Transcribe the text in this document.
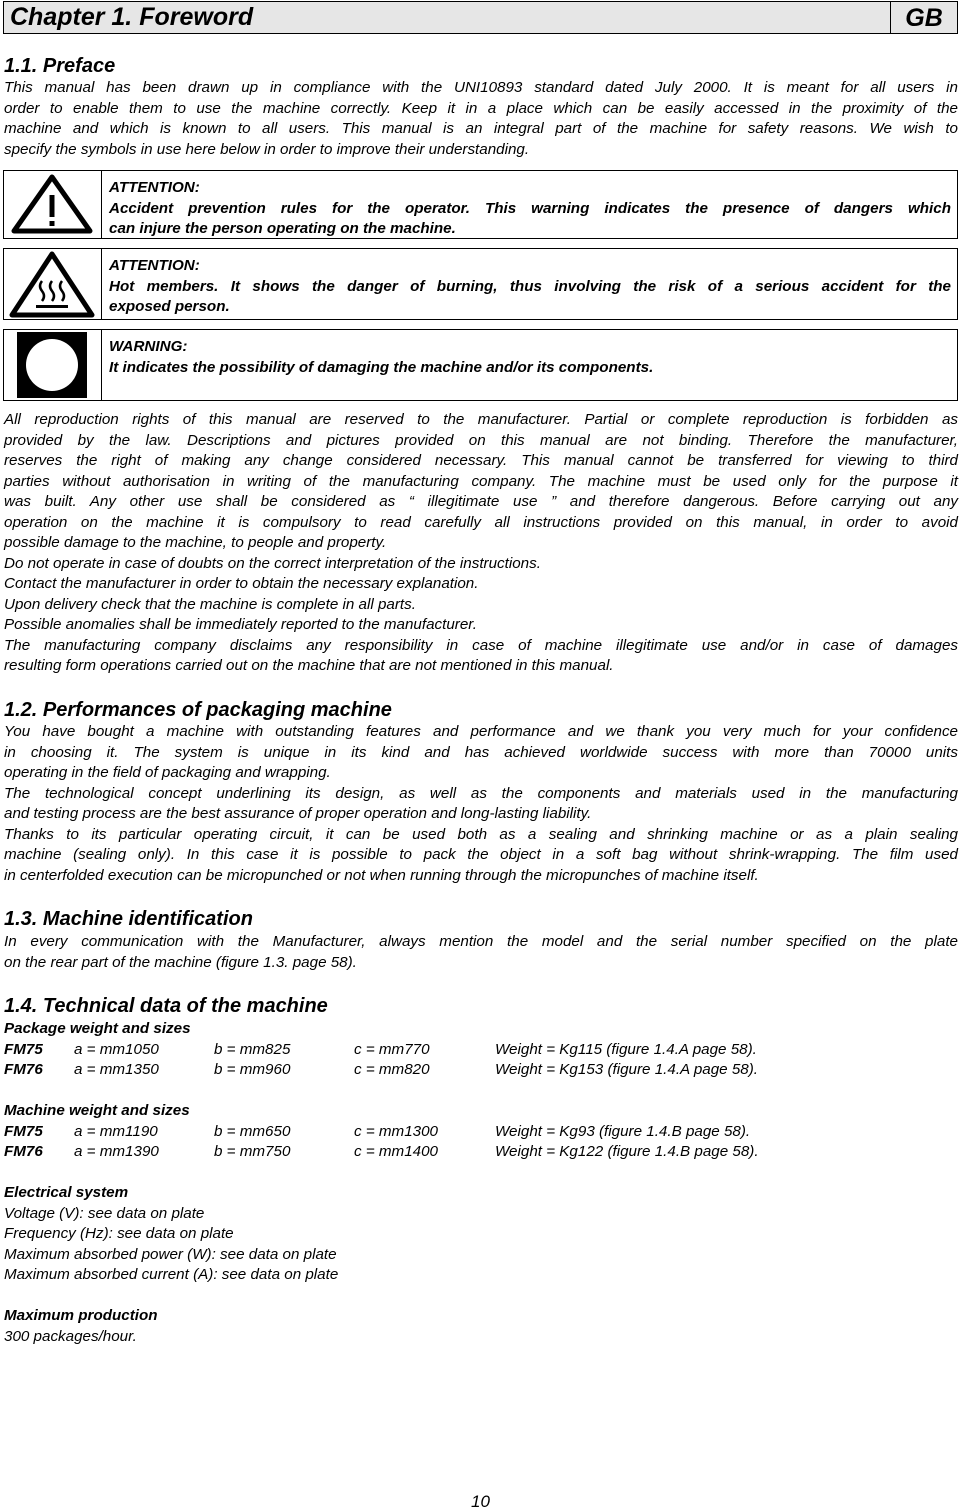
Chapter 1. Foreword	GB
1.1. Preface

This manual has been drawn up in compliance with the UNI10893 standard dated July 2000. It is meant for all users in

order to enable them to use the machine correctly. Keep it in a place which can be easily accessed in the proximity of the

machine and which is known to all users. This manual is an integral part of the machine for safety reasons. We wish to

specify the symbols in use here below in order to improve their understanding.

ATTENTION:
Accident prevention rules for the operator. This warning indicates the presence of dangers which
can injure the person operating on the machine.
ATTENTION:
Hot members. It shows the danger of burning, thus involving the risk of a serious accident for the
exposed person.
WARNING:
It indicates the possibility of damaging the machine and/or its components.

All reproduction rights of this manual are reserved to the manufacturer. Partial or complete reproduction is forbidden as

provided by the law. Descriptions and pictures provided on this manual are not binding. Therefore the manufacturer,

reserves the right of making any change considered necessary. This manual cannot be transferred for viewing to third

parties without authorisation in writing of the manufacturing company. The machine must be used only for the purpose it

was built. Any other use shall be considered as “ illegitimate use ” and therefore dangerous. Before carrying out any

operation on the machine it is compulsory to read carefully all instructions provided on this manual, in order to avoid

possible damage to the machine, to people and property.

Do not operate in case of doubts on the correct interpretation of the instructions.

Contact the manufacturer in order to obtain the necessary explanation.

Upon delivery check that the machine is complete in all parts.

Possible anomalies shall be immediately reported to the manufacturer.

The manufacturing company disclaims any responsibility in case of machine illegitimate use and/or in case of damages

resulting form operations carried out on the machine that are not mentioned in this manual.

1.2. Performances of packaging machine

You have bought a machine with outstanding features and performance and we thank you very much for your confidence

in choosing it. The system is unique in its kind and has achieved worldwide success with more than 70000 units

operating in the field of packaging and wrapping.

The technological concept underlining its design, as well as the components and materials used in the manufacturing

and testing process are the best assurance of proper operation and long-lasting liability.

Thanks to its particular operating circuit, it can be used both as a sealing and shrinking machine or as a plain sealing

machine (sealing only). In this case it is possible to pack the object in a soft bag without shrink-wrapping. The film used

in centerfolded execution can be micropunched or not when running through the micropunches of machine itself.

1.3. Machine identification

In every communication with the Manufacturer, always mention the model and the serial number specified on the plate

on the rear part of the machine (figure 1.3. page 58).

1.4. Technical data of the machine
Package weight and sizes
FM75 a = mm1050	b = mm825	c = mm770	Weight = Kg115 (figure 1.4.A page 58).
FM76 a = mm1350	b = mm960	c = mm820	Weight = Kg153 (figure 1.4.A page 58).
Machine weight and sizes
FM75 a = mm1190	b = mm650	c = mm1300	Weight = Kg93 (figure 1.4.B page 58).
FM76 a = mm1390	b = mm750	c = mm1400	Weight = Kg122 (figure 1.4.B page 58).
Electrical system
Voltage (V): see data on plate
Frequency (Hz): see data on plate
Maximum absorbed power (W): see data on plate
Maximum absorbed current (A): see data on plate
Maximum production
300 packages/hour.
10
